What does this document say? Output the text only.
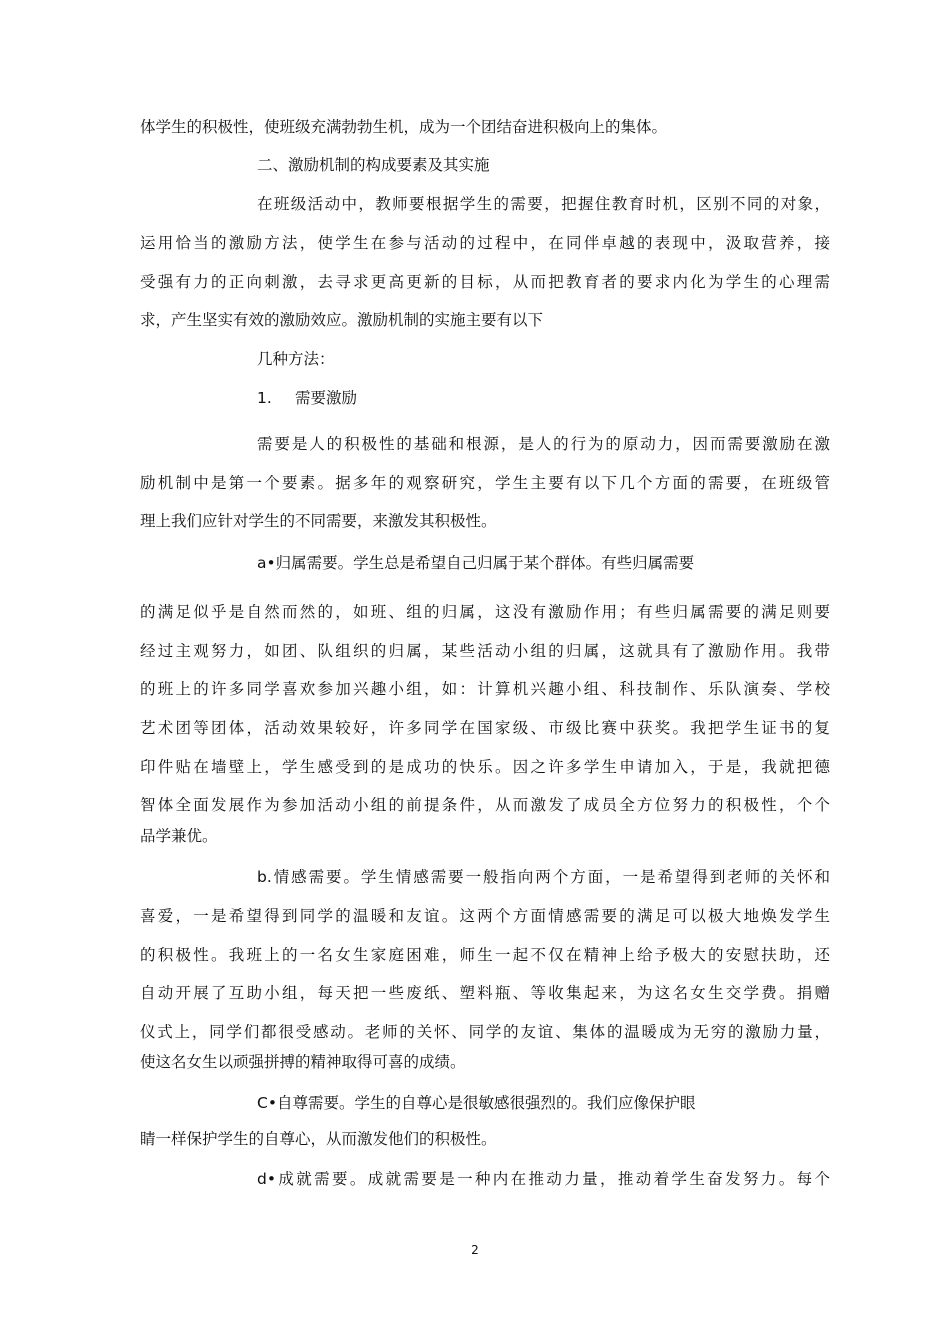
体学生的积极性，使班级充满勃勃生机，成为一个团结奋进积极向上的集体。
二、激励机制的构成要素及其实施
在班级活动中，教师要根据学生的需要，把握住教育时机，区别不同的对象，
运用恰当的激励方法，使学生在参与活动的过程中，在同伴卓越的表现中，汲取营养，接
受强有力的正向刺激，去寻求更高更新的目标，从而把教育者的要求内化为学生的心理需
求，产生坚实有效的激励效应。激励机制的实施主要有以下
几种方法：
1. 需要激励
需要是人的积极性的基础和根源，是人的行为的原动力，因而需要激励在激
励机制中是第一个要素。据多年的观察研究，学生主要有以下几个方面的需要，在班级管
理上我们应针对学生的不同需要，来激发其积极性。
a•归属需要。学生总是希望自己归属于某个群体。有些归属需要
的满足似乎是自然而然的，如班、组的归属，这没有激励作用；有些归属需要的满足则要
经过主观努力，如团、队组织的归属，某些活动小组的归属，这就具有了激励作用。我带
的班上的许多同学喜欢参加兴趣小组，如：计算机兴趣小组、科技制作、乐队演奏、学校
艺术团等团体，活动效果较好，许多同学在国家级、市级比赛中获奖。我把学生证书的复
印件贴在墙壁上，学生感受到的是成功的快乐。因之许多学生申请加入，于是，我就把德
智体全面发展作为参加活动小组的前提条件，从而激发了成员全方位努力的积极性，个个
品学兼优。
b.情感需要。学生情感需要一般指向两个方面，一是希望得到老师的关怀和
喜爱，一是希望得到同学的温暖和友谊。这两个方面情感需要的满足可以极大地焕发学生
的积极性。我班上的一名女生家庭困难，师生一起不仅在精神上给予极大的安慰扶助，还
自动开展了互助小组，每天把一些废纸、塑料瓶、等收集起来，为这名女生交学费。捐赠
仪式上，同学们都很受感动。老师的关怀、同学的友谊、集体的温暖成为无穷的激励力量，
使这名女生以顽强拼搏的精神取得可喜的成绩。
C•自尊需要。学生的自尊心是很敏感很强烈的。我们应像保护眼
睛一样保护学生的自尊心，从而激发他们的积极性。
d•成就需要。成就需要是一种内在推动力量，推动着学生奋发努力。每个
2
